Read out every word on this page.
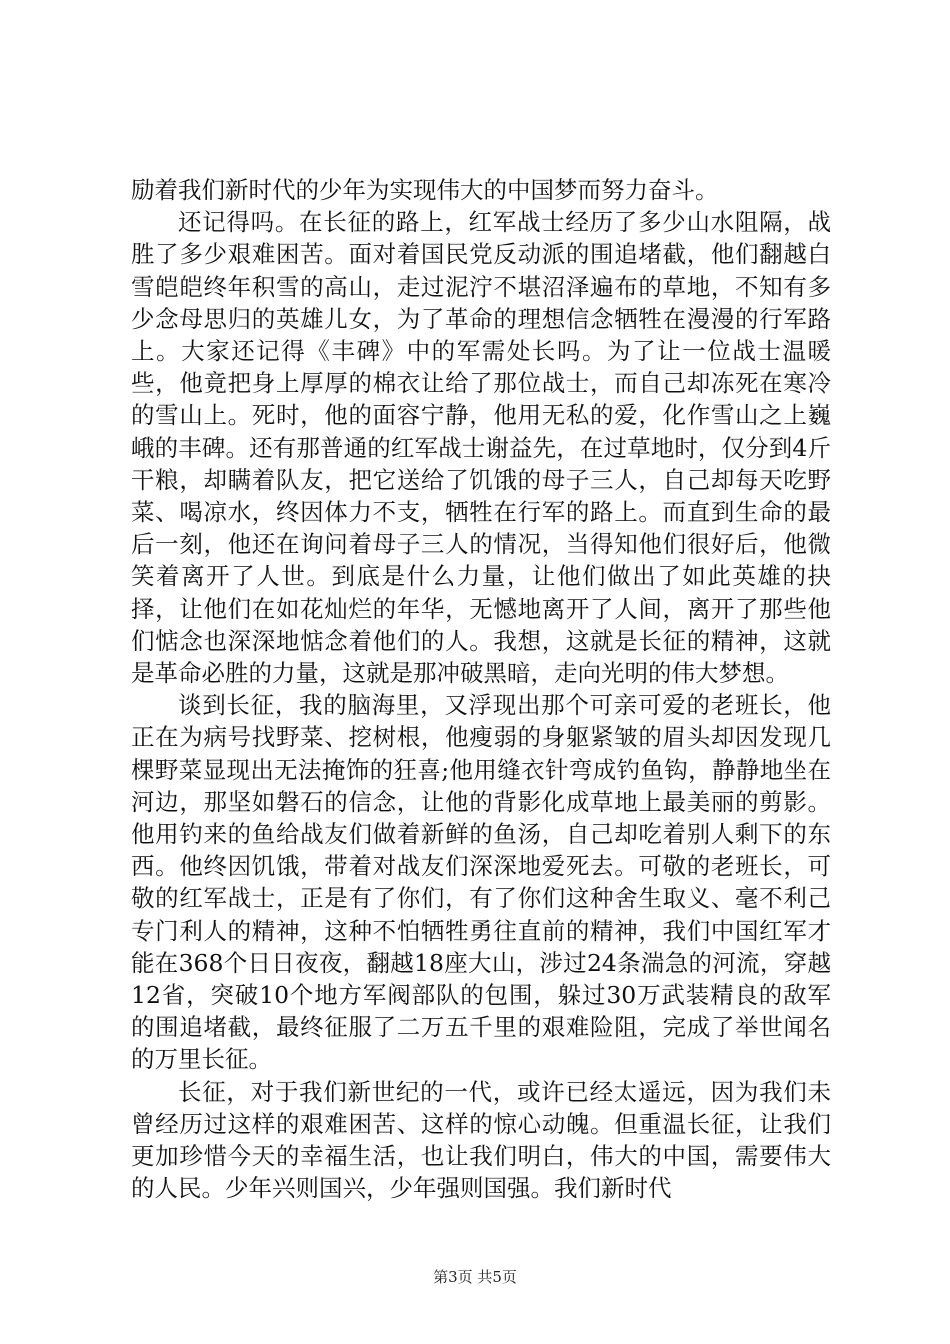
励着我们新时代的少年为实现伟大的中国梦而努力奋斗。

还记得吗。在长征的路上，红军战士经历了多少山水阻隔，战胜了多少艰难困苦。面对着国民党反动派的围追堵截，他们翻越白雪皑皑终年积雪的高山，走过泥泞不堪沼泽遍布的草地，不知有多少念母思归的英雄儿女，为了革命的理想信念牺牲在漫漫的行军路上。大家还记得《丰碑》中的军需处长吗。为了让一位战士温暖些，他竟把身上厚厚的棉衣让给了那位战士，而自己却冻死在寒冷的雪山上。死时，他的面容宁静，他用无私的爱，化作雪山之上巍峨的丰碑。还有那普通的红军战士谢益先，在过草地时，仅分到4斤干粮，却瞒着队友，把它送给了饥饿的母子三人，自己却每天吃野菜、喝凉水，终因体力不支，牺牲在行军的路上。而直到生命的最后一刻，他还在询问着母子三人的情况，当得知他们很好后，他微笑着离开了人世。到底是什么力量，让他们做出了如此英雄的抉择，让他们在如花灿烂的年华，无憾地离开了人间，离开了那些他们惦念也深深地惦念着他们的人。我想，这就是长征的精神，这就是革命必胜的力量，这就是那冲破黑暗，走向光明的伟大梦想。

谈到长征，我的脑海里，又浮现出那个可亲可爱的老班长，他正在为病号找野菜、挖树根，他瘦弱的身躯紧皱的眉头却因发现几棵野菜显现出无法掩饰的狂喜;他用缝衣针弯成钓鱼钩，静静地坐在河边，那坚如磐石的信念，让他的背影化成草地上最美丽的剪影。他用钓来的鱼给战友们做着新鲜的鱼汤，自己却吃着别人剩下的东西。他终因饥饿，带着对战友们深深地爱死去。可敬的老班长，可敬的红军战士，正是有了你们，有了你们这种舍生取义、毫不利己专门利人的精神，这种不怕牺牲勇往直前的精神，我们中国红军才能在368个日日夜夜，翻越18座大山，涉过24条湍急的河流，穿越12省，突破10个地方军阀部队的包围，躲过30万武装精良的敌军的围追堵截，最终征服了二万五千里的艰难险阻，完成了举世闻名的万里长征。

长征，对于我们新世纪的一代，或许已经太遥远，因为我们未曾经历过这样的艰难困苦、这样的惊心动魄。但重温长征，让我们更加珍惜今天的幸福生活，也让我们明白，伟大的中国，需要伟大的人民。少年兴则国兴，少年强则国强。我们新时代

第3页 共5页
